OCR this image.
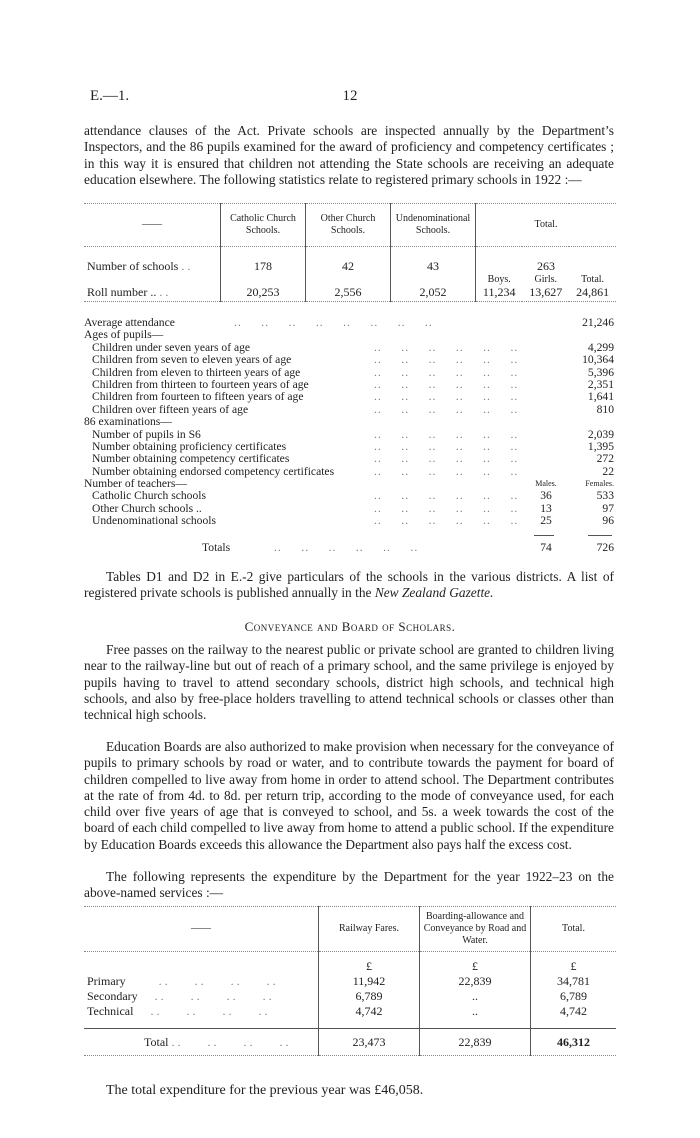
E.—1.	12
attendance clauses of the Act. Private schools are inspected annually by the Department’s Inspectors, and the 86 pupils examined for the award of proficiency and competency certificates ; in this way it is ensured that children not attending the State schools are receiving an adequate education elsewhere. The following statistics relate to registered primary schools in 1922 :—
——	Catholic Church Schools.	Other Church Schools.	Undenominational Schools.	Total.		

Number of schools ..	178	42	43	263		
				Boys.	Girls.	Total.
Roll number .. ..	20,253	2,556	2,052	11,234	13,627	24,861
Average attendance	..     ..     ..     ..     ..     ..     ..     ..	21,246
Ages of pupils—
Children under seven years of age	..     ..     ..     ..     ..     ..	4,299
Children from seven to eleven years of age	..     ..     ..     ..     ..     ..	10,364
Children from eleven to thirteen years of age	..     ..     ..     ..     ..     ..	5,396
Children from thirteen to fourteen years of age	..     ..     ..     ..     ..     ..	2,351
Children from fourteen to fifteen years of age	..     ..     ..     ..     ..     ..	1,641
Children over fifteen years of age	..     ..     ..     ..     ..     ..	810
86 examinations—
Number of pupils in S6	..     ..     ..     ..     ..     ..	2,039
Number obtaining proficiency certificates	..     ..     ..     ..     ..     ..	1,395
Number obtaining competency certificates	..     ..     ..     ..     ..     ..	272
Number obtaining endorsed competency certificates	..     ..     ..     ..     ..     ..	22
Number of teachers—	Males.	Females.
Catholic Church schools	..     ..     ..     ..     ..     ..	36	533
Other Church schools ..	..     ..     ..     ..     ..     ..	13	97
Undenominational schools	..     ..     ..     ..     ..     ..	25	96
Totals	..     ..     ..     ..     ..     ..	74	726
Tables D1 and D2 in E.-2 give particulars of the schools in the various districts. A list of registered private schools is published annually in the New Zealand Gazette.
Conveyance and Board of Scholars.
Free passes on the railway to the nearest public or private school are granted to children living near to the railway-line but out of reach of a primary school, and the same privilege is enjoyed by pupils having to travel to attend secondary schools, district high schools, and technical high schools, and also by free-place holders travelling to attend technical schools or classes other than technical high schools.
Education Boards are also authorized to make provision when necessary for the conveyance of pupils to primary schools by road or water, and to contribute towards the payment for board of children compelled to live away from home in order to attend school. The Department contributes at the rate of from 4d. to 8d. per return trip, according to the mode of conveyance used, for each child over five years of age that is conveyed to school, and 5s. a week towards the cost of the board of each child compelled to live away from home to attend a public school. If the expenditure by Education Boards exceeds this allowance the Department also pays half the excess cost.
The following represents the expenditure by the Department for the year 1922–23 on the above-named services :—
——	Railway Fares.	Boarding-allowance and Conveyance by Road and Water.	Total.
	£	£	£
Primary ..    ..    ..    ..	11,942	22,839	34,781
Secondary ..    ..    ..    ..	6,789	..	6,789
Technical ..    ..    ..    ..	4,742	..	4,742

Total ..    ..    ..    ..	23,473	22,839	46,312
The total expenditure for the previous year was £46,058.
